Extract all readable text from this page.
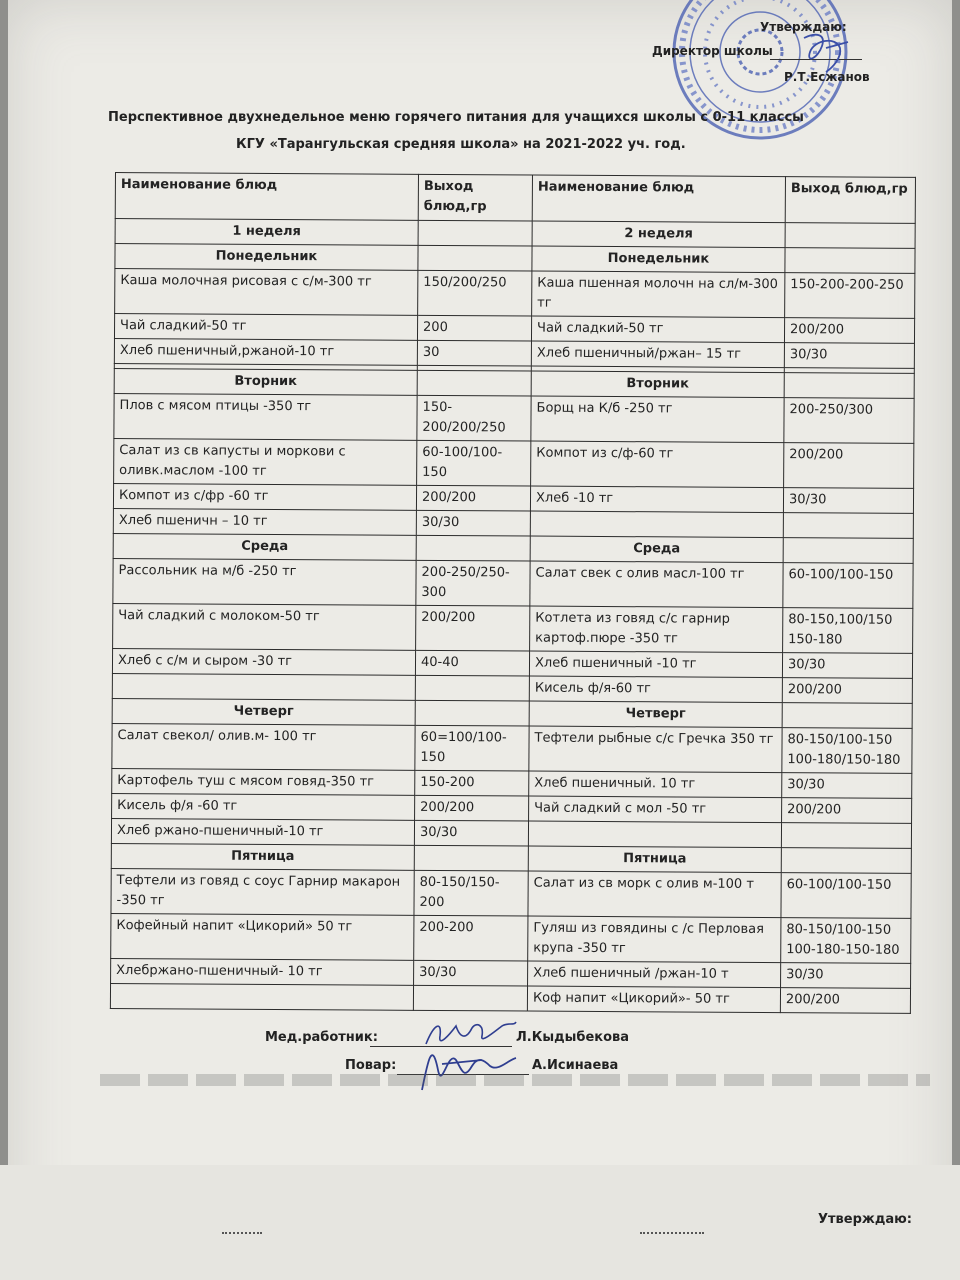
Утверждаю:
Директор школы
Р.Т.Есжанов
Перспективное двухнедельное меню горячего питания для учащихся школы с 0-11 классы
КГУ «Тарангульская средняя школа» на 2021-2022 уч. год.
Наименование блюд	Выход блюд,гр	Наименование блюд	Выход блюд,гр
1 неделя		2 неделя	
Понедельник		Понедельник	
Каша молочная рисовая с с/м-300 тг	150/200/250	Каша пшенная молочн на сл/м-300 тг	150-200-200-250
Чай сладкий-50 тг	200	Чай сладкий-50 тг	200/200
Хлеб пшеничный,ржаной-10 тг	30	Хлеб пшеничный/ржан– 15 тг	30/30

Вторник		Вторник	
Плов с мясом птицы -350 тг	150-200/200/250	Борщ на К/б -250 тг	200-250/300
Салат из св капусты и моркови с оливк.маслом -100 тг	60-100/100-150	Компот из с/ф-60 тг	200/200
Компот из с/фр -60 тг	200/200	Хлеб -10 тг	30/30
Хлеб пшеничн – 10 тг	30/30		
Среда		Среда	
Рассольник на м/б -250 тг	200-250/250-300	Салат свек с олив масл-100 тг	60-100/100-150
Чай сладкий с молоком-50 тг	200/200	Котлета из говяд с/с гарнир картоф.пюре -350 тг	80-150,100/150 150-180
Хлеб с с/м и сыром -30 тг	40-40	Хлеб пшеничный -10 тг	30/30
		Кисель ф/я-60 тг	200/200
Четверг		Четверг	
Салат свекол/ олив.м- 100 тг	60=100/100-150	Тефтели рыбные с/с Гречка 350 тг	80-150/100-150 100-180/150-180
Картофель туш с мясом говяд-350 тг	150-200	Хлеб пшеничный. 10 тг	30/30
Кисель ф/я -60 тг	200/200	Чай сладкий с мол -50 тг	200/200
Хлеб ржано-пшеничный-10 тг	30/30		
Пятница		Пятница	
Тефтели из говяд с соус Гарнир макарон -350 тг	80-150/150-200	Салат из св морк с олив м-100 т	60-100/100-150
Кофейный напит «Цикорий» 50 тг	200-200	Гуляш из говядины с /с Перловая крупа -350 тг	80-150/100-150 100-180-150-180
Хлебржано-пшеничный- 10 тг	30/30	Хлеб пшеничный /ржан-10 т	30/30
		Коф напит «Цикорий»- 50 тг	200/200
Мед.работник:	Л.Кыдыбекова
Повар:	А.Исинаева
Утверждаю:
